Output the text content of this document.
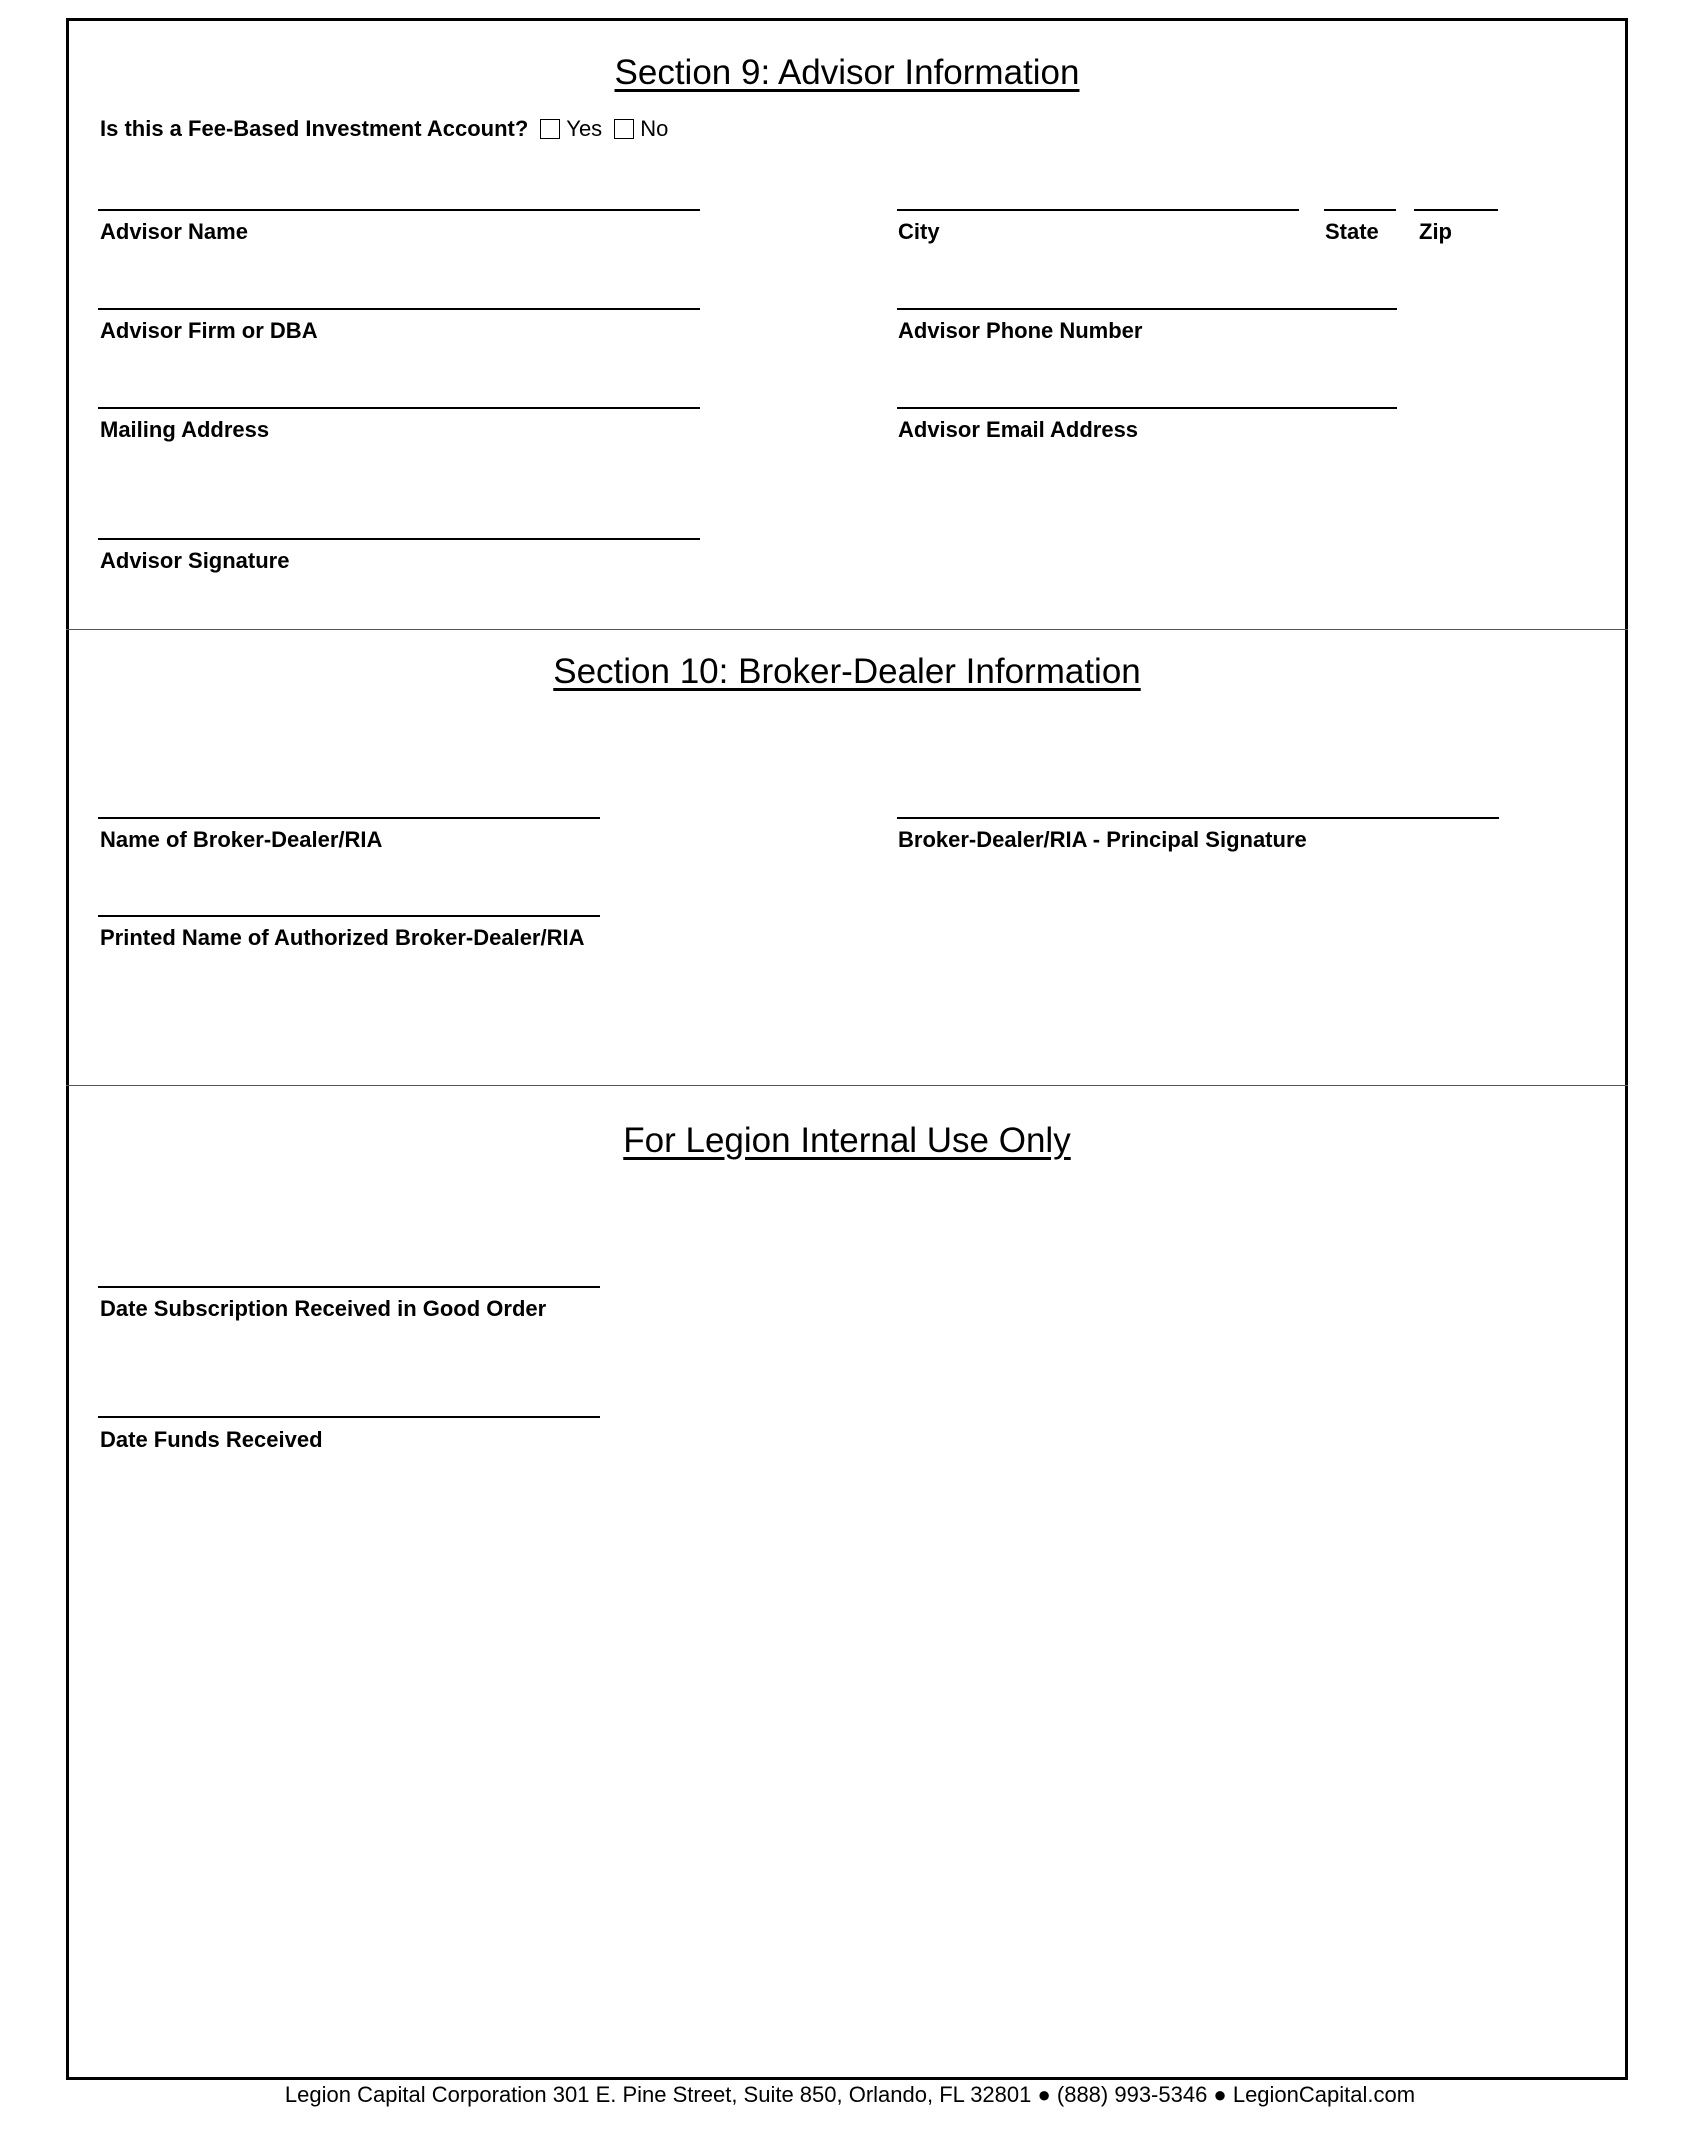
Section 9: Advisor Information
Is this a Fee-Based Investment Account? Yes No
Advisor Name	City	State Zip
Advisor Firm or DBA	Advisor Phone Number
Mailing Address	Advisor Email Address
Advisor Signature
Section 10: Broker-Dealer Information
Name of Broker-Dealer/RIA	Broker-Dealer/RIA - Principal Signature
Printed Name of Authorized Broker-Dealer/RIA
For Legion Internal Use Only
Date Subscription Received in Good Order
Date Funds Received
Legion Capital Corporation 301 E. Pine Street, Suite 850, Orlando, FL 32801 ● (888) 993-5346 ● LegionCapital.com
